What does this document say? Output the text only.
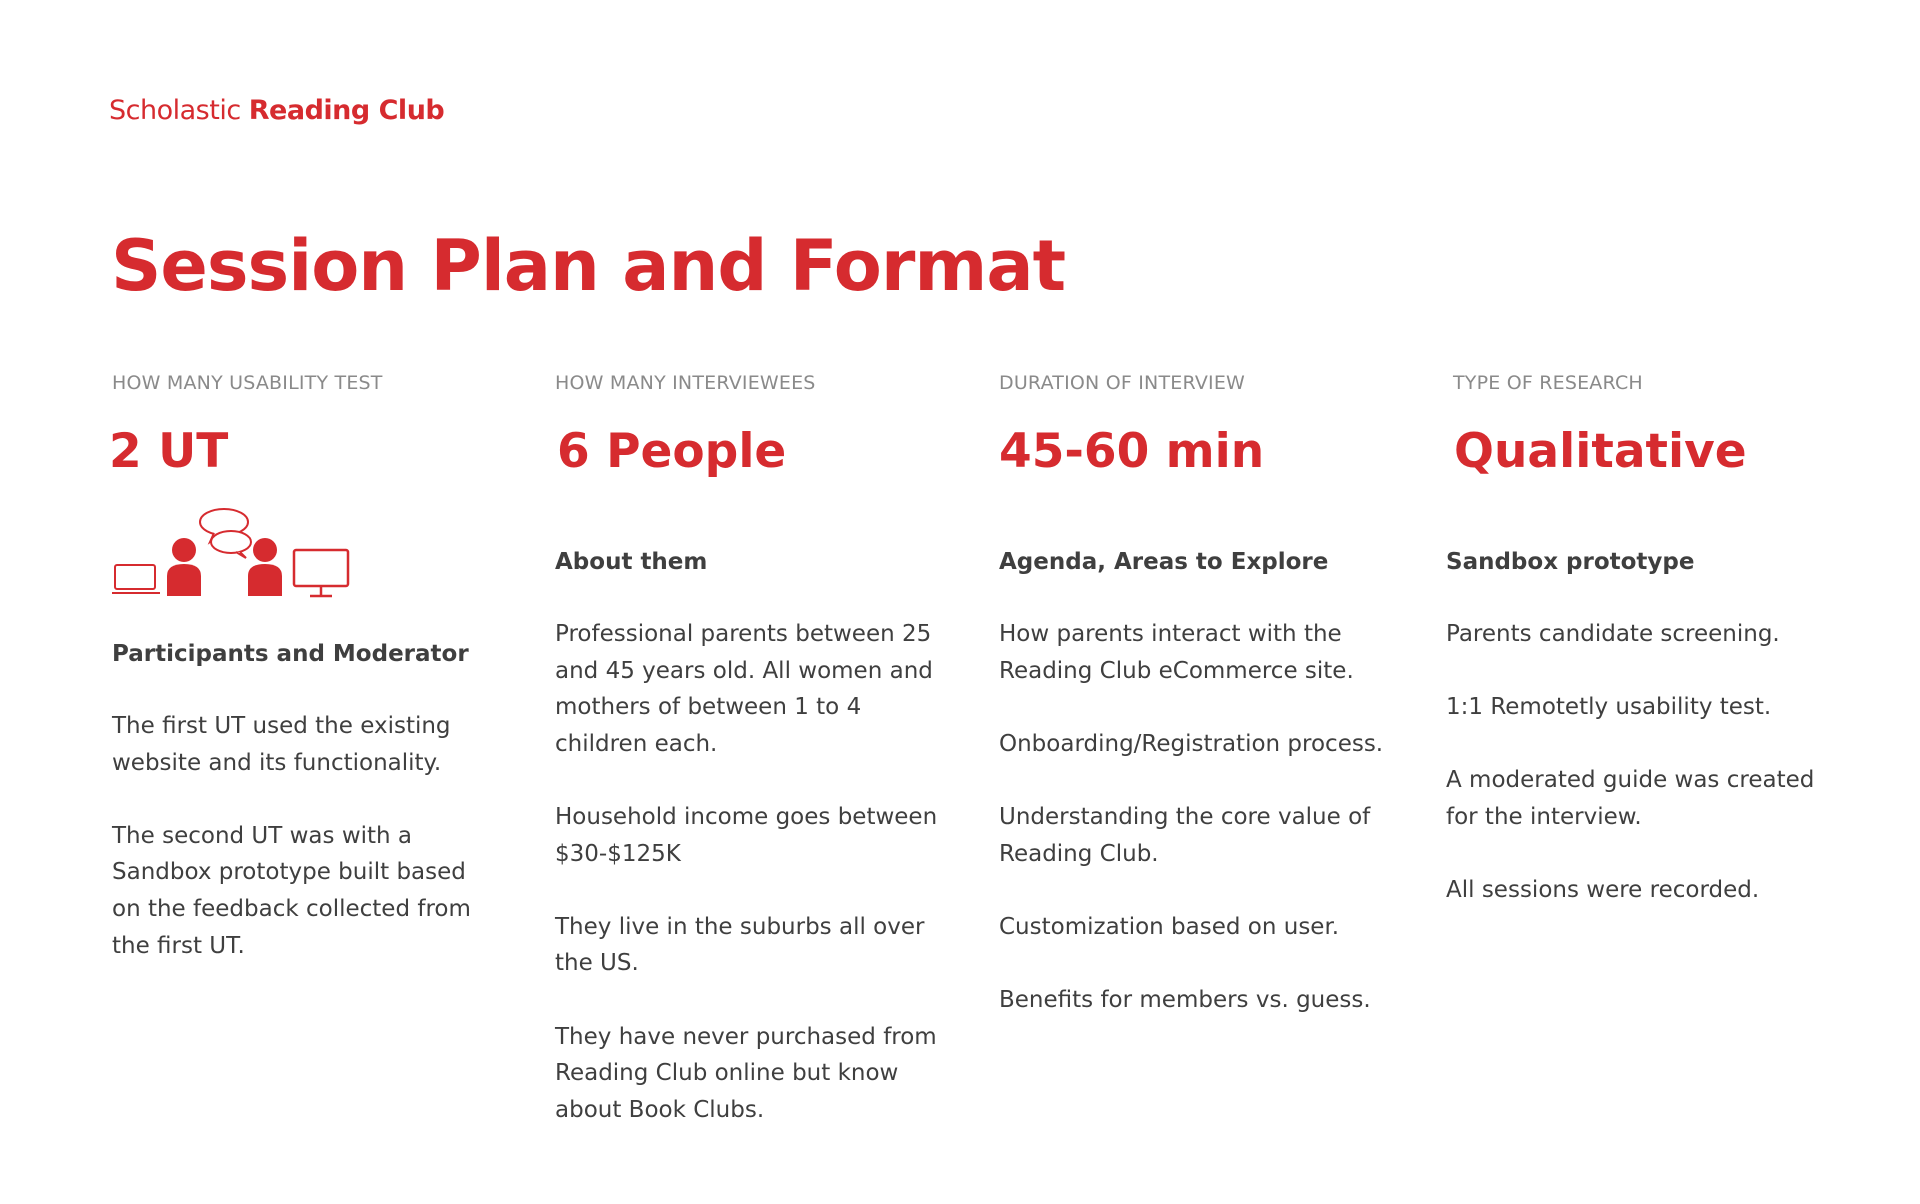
Scholastic Reading Club
Session Plan and Format
HOW MANY USABILITY TEST
2 UT
Participants and Moderator

The first UT used the existing website and its functionality.

The second UT was with a Sandbox prototype built based on the feedback collected from the first UT.

HOW MANY INTERVIEWEES
6 People
About them

Professional parents between 25 and 45 years old. All women and mothers of between 1 to 4 children each.

Household income goes between $30-$125K

They live in the suburbs all over the US.

They have never purchased from Reading Club online but know about Book Clubs.

DURATION OF INTERVIEW
45-60 min
Agenda, Areas to Explore

How parents interact with the Reading Club eCommerce site.

Onboarding/Registration process.

Understanding the core value of Reading Club.

Customization based on user.

Benefits for members vs. guess.

TYPE OF RESEARCH
Qualitative
Sandbox prototype

Parents candidate screening.

1:1 Remotetly usability test.

A moderated guide was created for the interview.

All sessions were recorded.
